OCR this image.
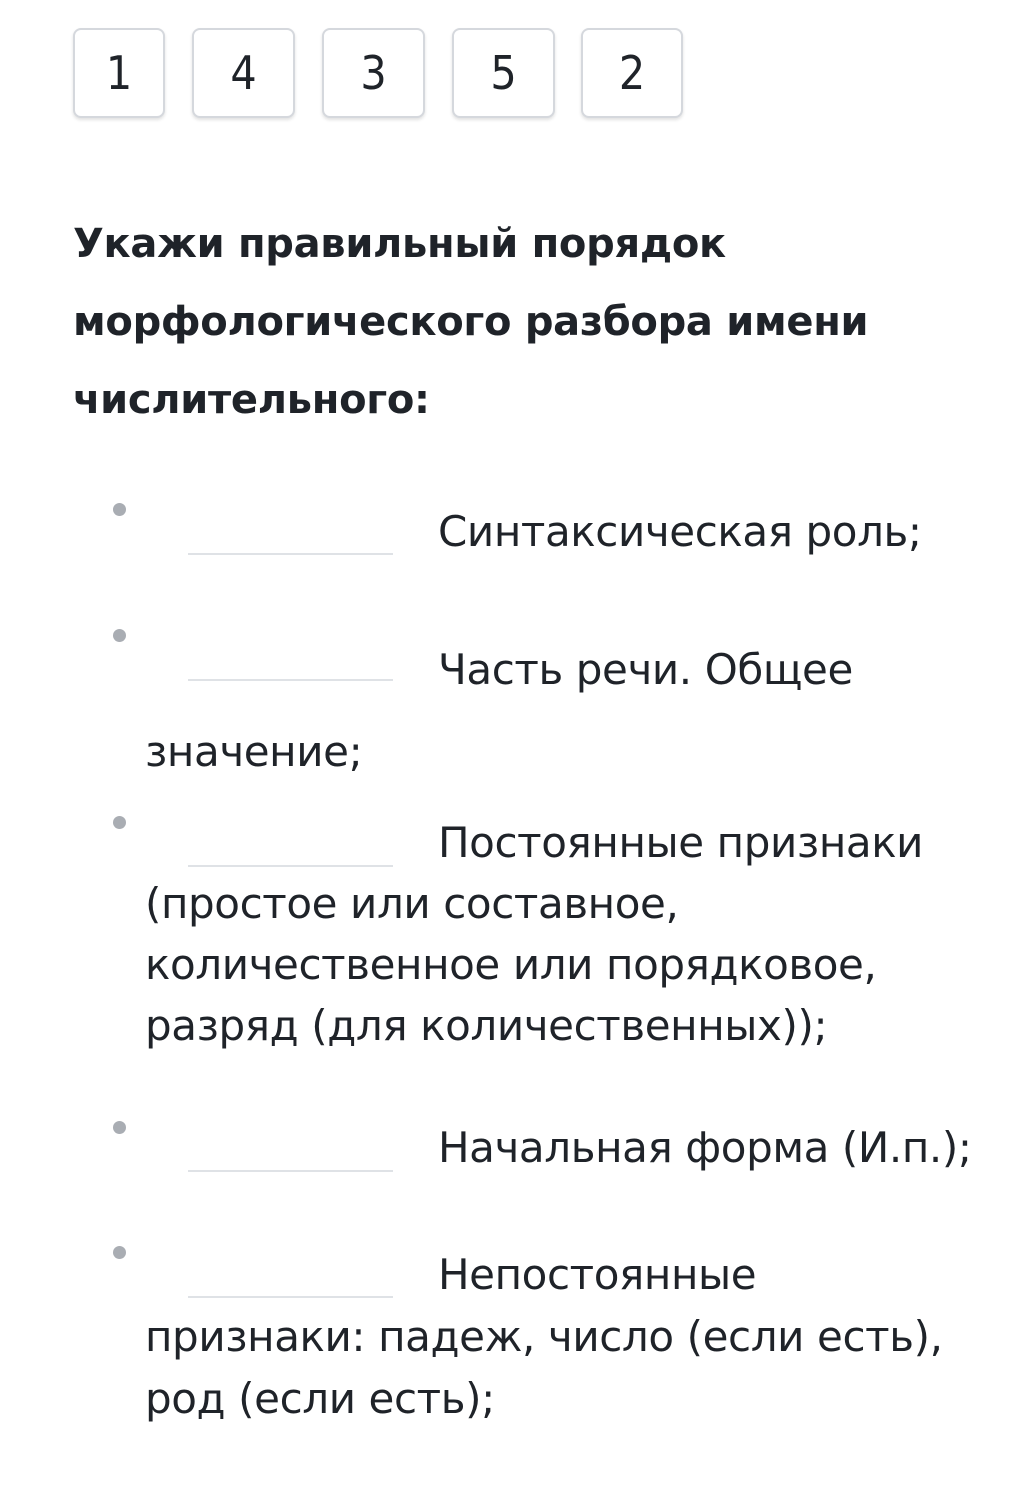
1	4	3	5	2
Укажи правильный порядок морфологического разбора имени числительного:

Синтаксическая роль;

Часть речи. Общее значение;

Постоянные признаки (простое или составное, количественное или порядковое, разряд (для количественных));

Начальная форма (И.п.);

Непостоянные признаки: падеж, число (если есть), род (если есть);
